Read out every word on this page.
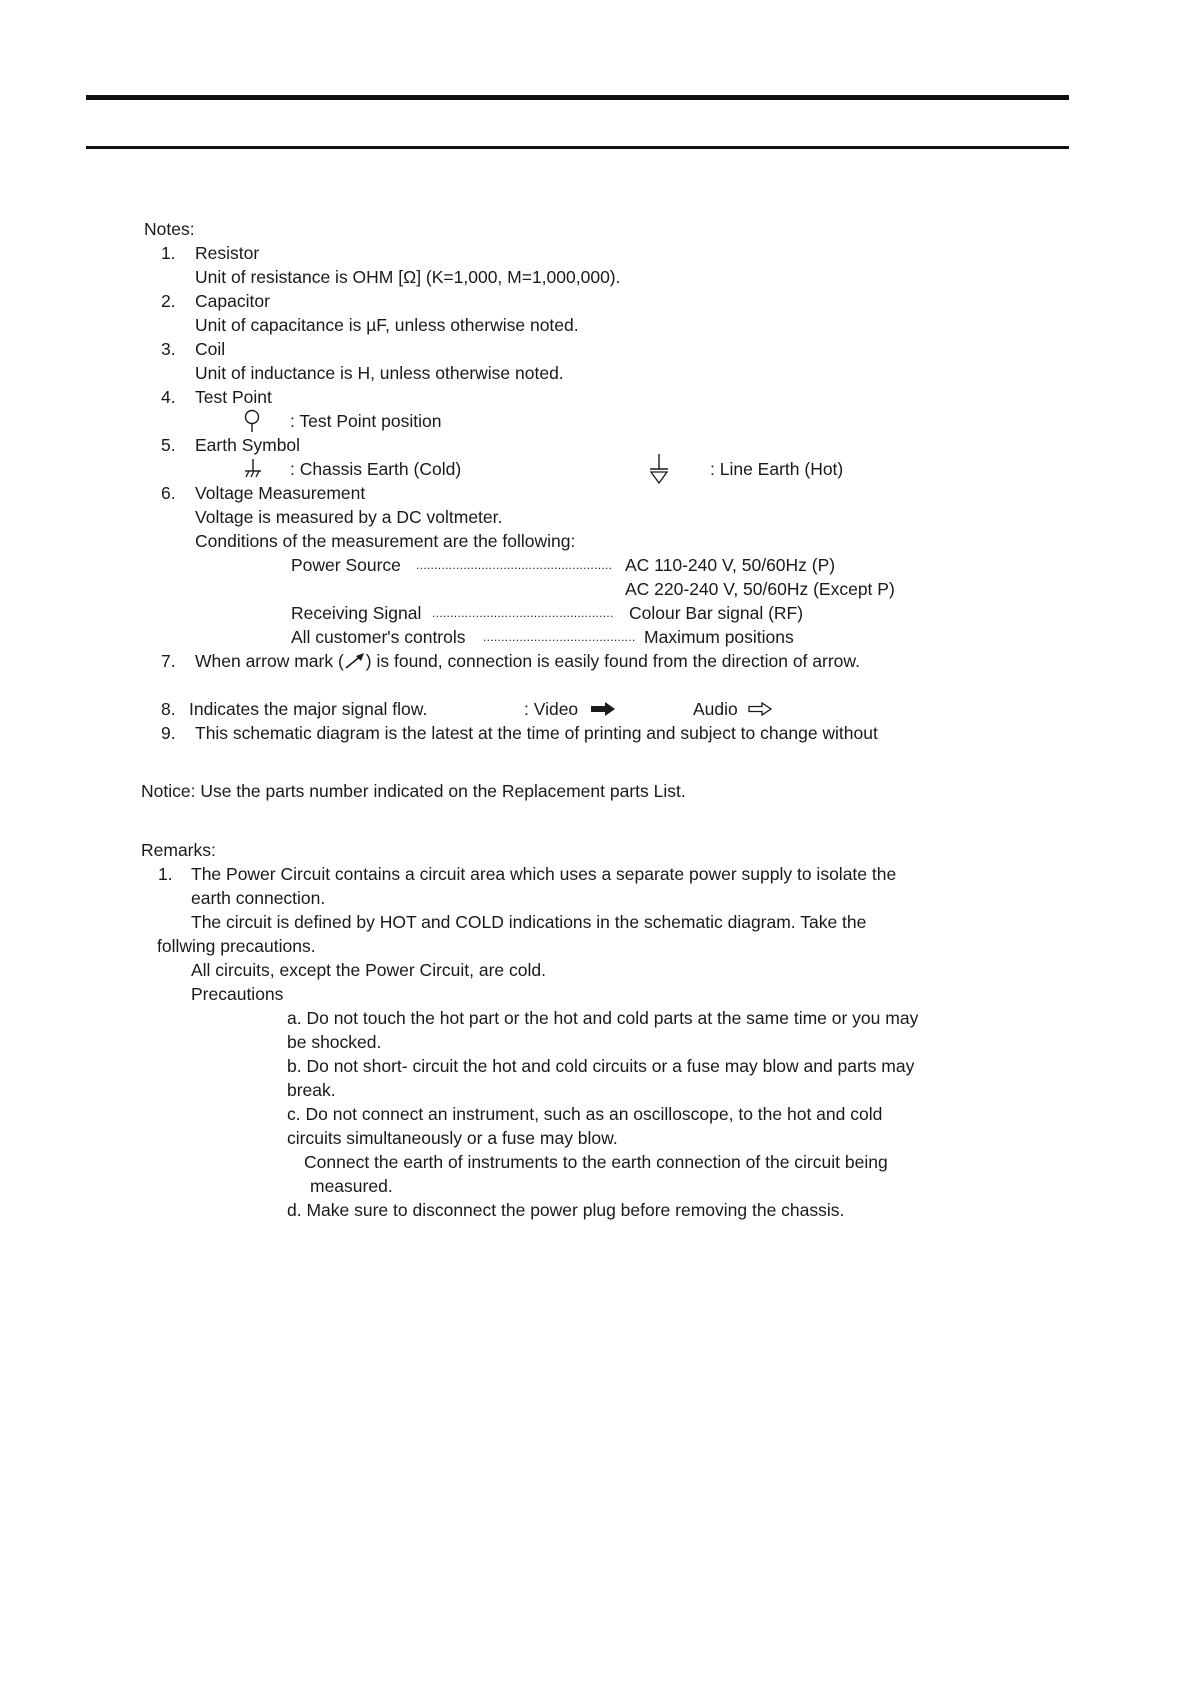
Notes:
1. Resistor
Unit of resistance is OHM [Ω] (K=1,000, M=1,000,000).
2. Capacitor
Unit of capacitance is µF, unless otherwise noted.
3. Coil
Unit of inductance is H, unless otherwise noted.
4. Test Point
: Test Point position
5. Earth Symbol
: Chassis Earth (Cold)	: Line Earth (Hot)
6. Voltage Measurement
Voltage is measured by a DC voltmeter.
Conditions of the measurement are the following:
Power Source ...................................................... AC 110-240 V, 50/60Hz (P)
AC 220-240 V, 50/60Hz (Except P)
Receiving Signal .................................................. Colour Bar signal (RF)
All customer's controls .......................................... Maximum positions
7. When arrow mark ( ) is found, connection is easily found from the direction of arrow.
8. Indicates the major signal flow.	: Video	Audio
9. This schematic diagram is the latest at the time of printing and subject to change without
Notice: Use the parts number indicated on the Replacement parts List.
Remarks:
1. The Power Circuit contains a circuit area which uses a separate power supply to isolate the
earth connection.
The circuit is defined by HOT and COLD indications in the schematic diagram. Take the
follwing precautions.
All circuits, except the Power Circuit, are cold.
Precautions
a. Do not touch the hot part or the hot and cold parts at the same time or you may
be shocked.
b. Do not short- circuit the hot and cold circuits or a fuse may blow and parts may
break.
c. Do not connect an instrument, such as an oscilloscope, to the hot and cold
circuits simultaneously or a fuse may blow.
Connect the earth of instruments to the earth connection of the circuit being
measured.
d. Make sure to disconnect the power plug before removing the chassis.
